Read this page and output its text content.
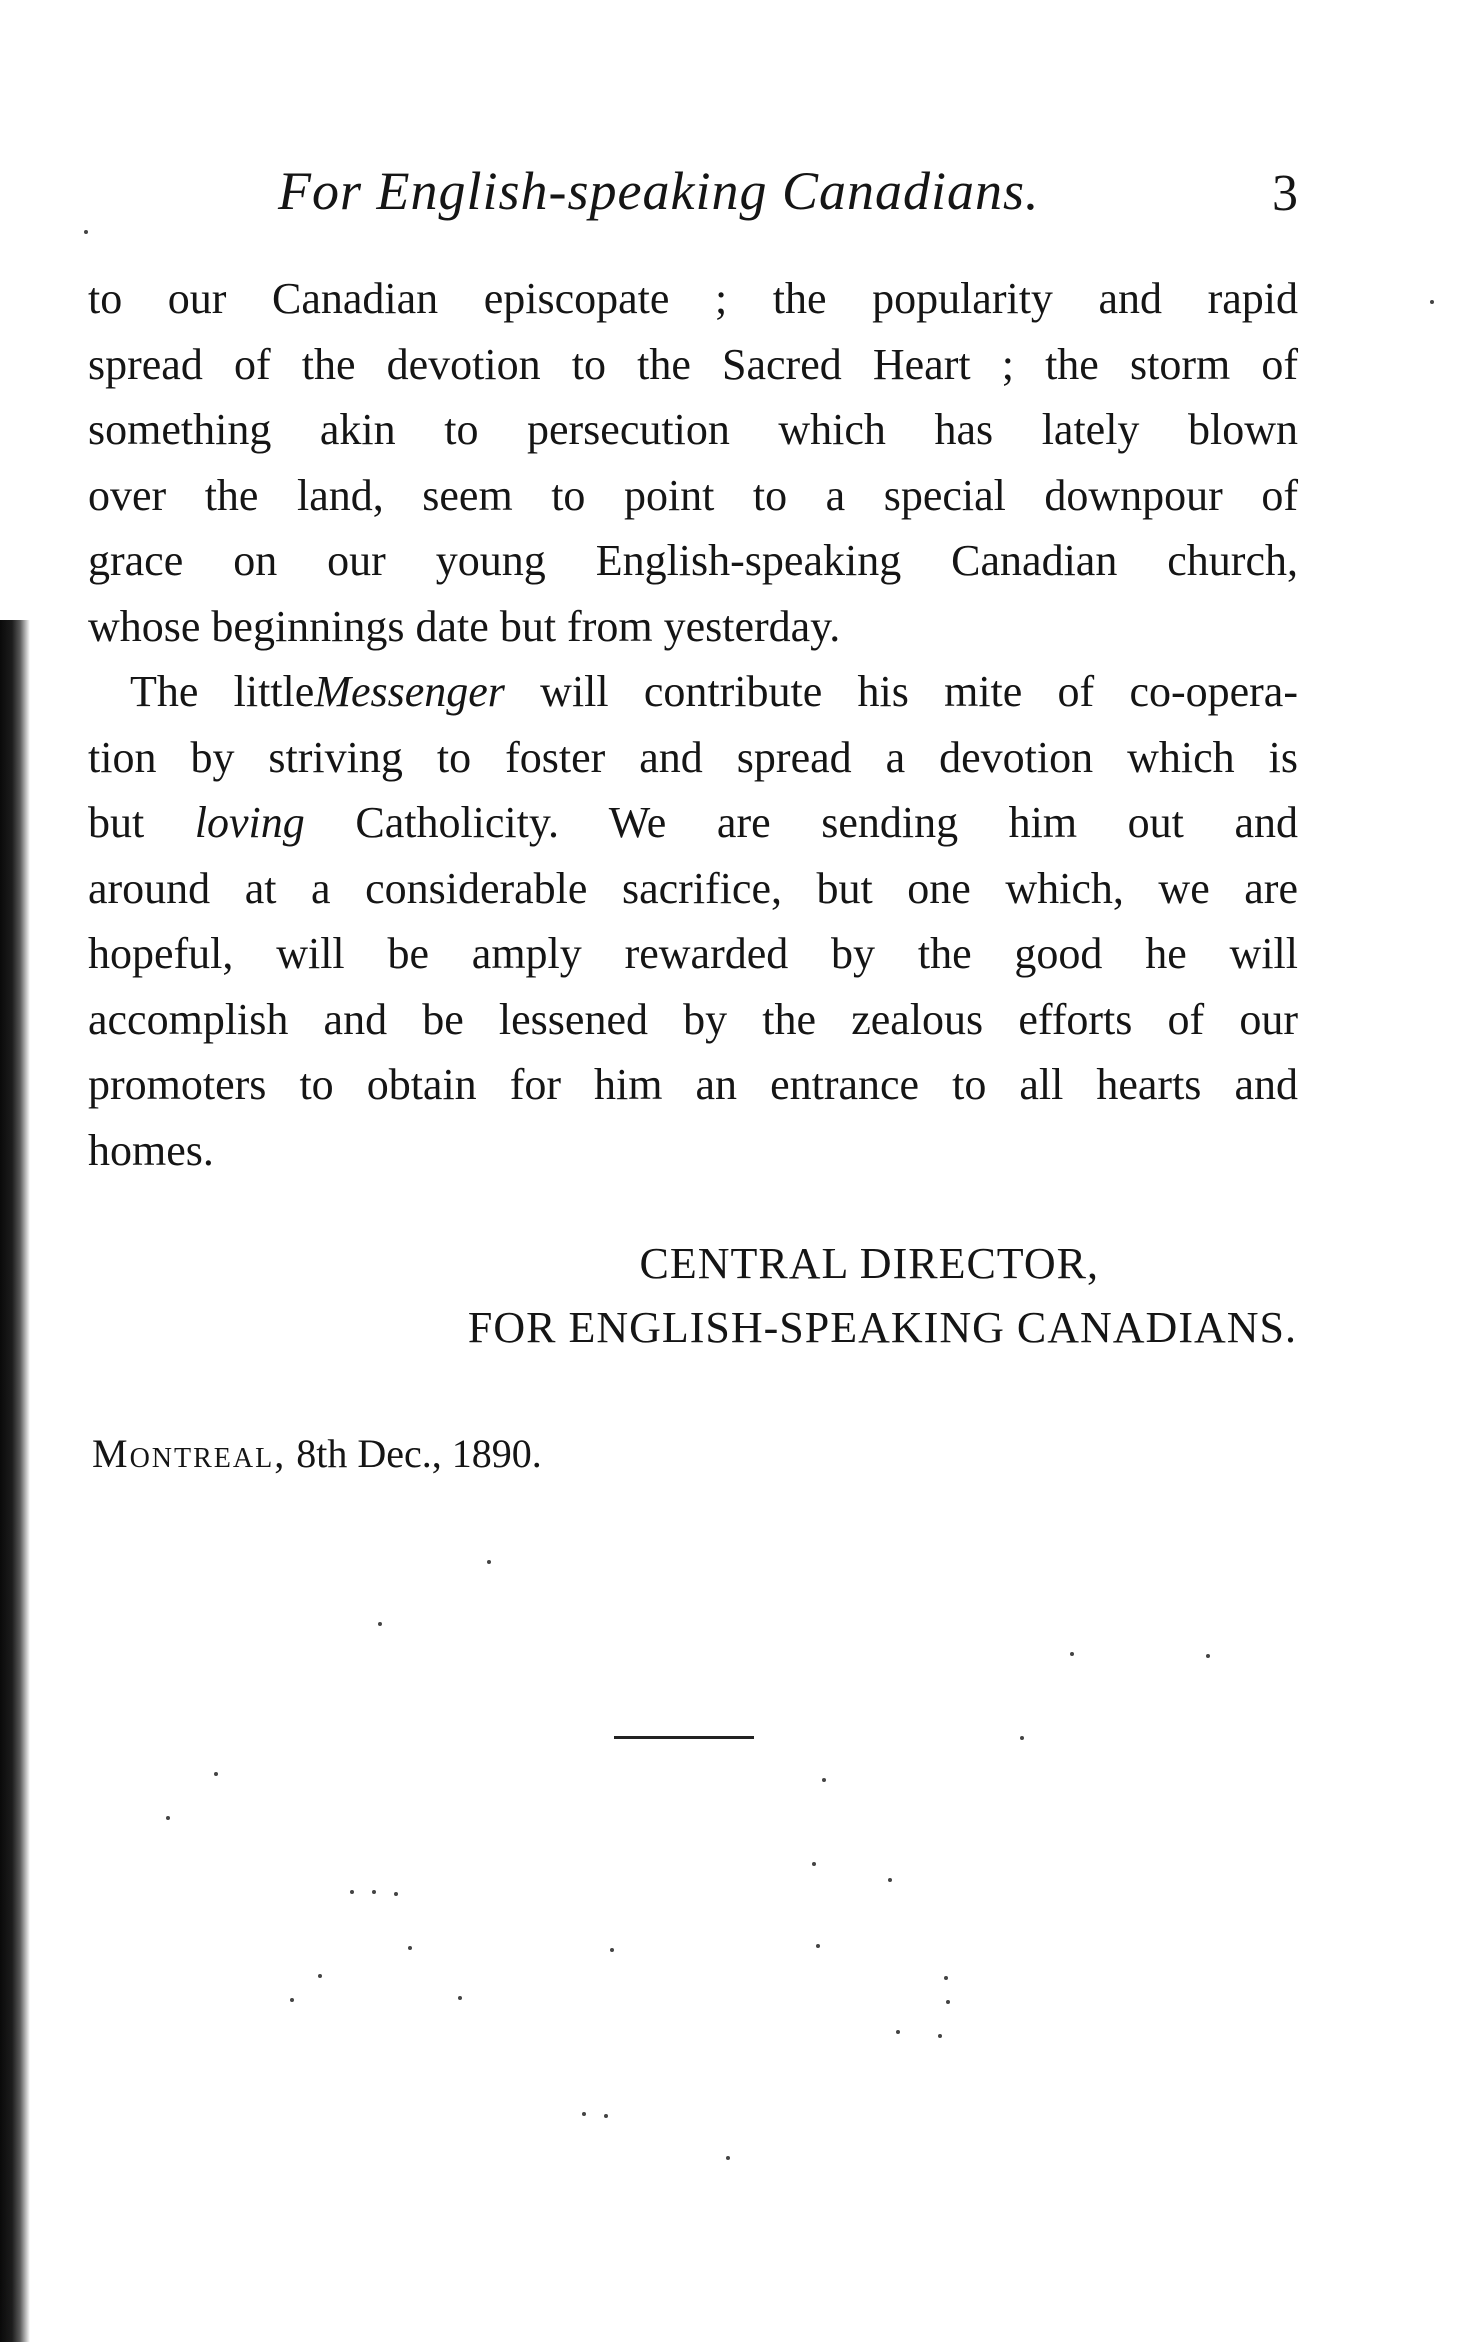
For English-speaking Canadians.	3
to our Canadian episcopate ; the popularity and rapid
spread of the devotion to the Sacred Heart ; the storm of
something akin to persecution which has lately blown
over the land, seem to point to a special downpour of
grace on our young English-speaking Canadian church,
whose beginnings date but from yesterday.
The littleMessenger will contribute his mite of co-opera-
tion by striving to foster and spread a devotion which is
but loving Catholicity. We are sending him out and
around at a considerable sacrifice, but one which, we are
hopeful, will be amply rewarded by the good he will
accomplish and be lessened by the zealous efforts of our
promoters to obtain for him an entrance to all hearts and
homes.
CENTRAL DIRECTOR,
FOR ENGLISH-SPEAKING CANADIANS.
Montreal, 8th Dec., 1890.
